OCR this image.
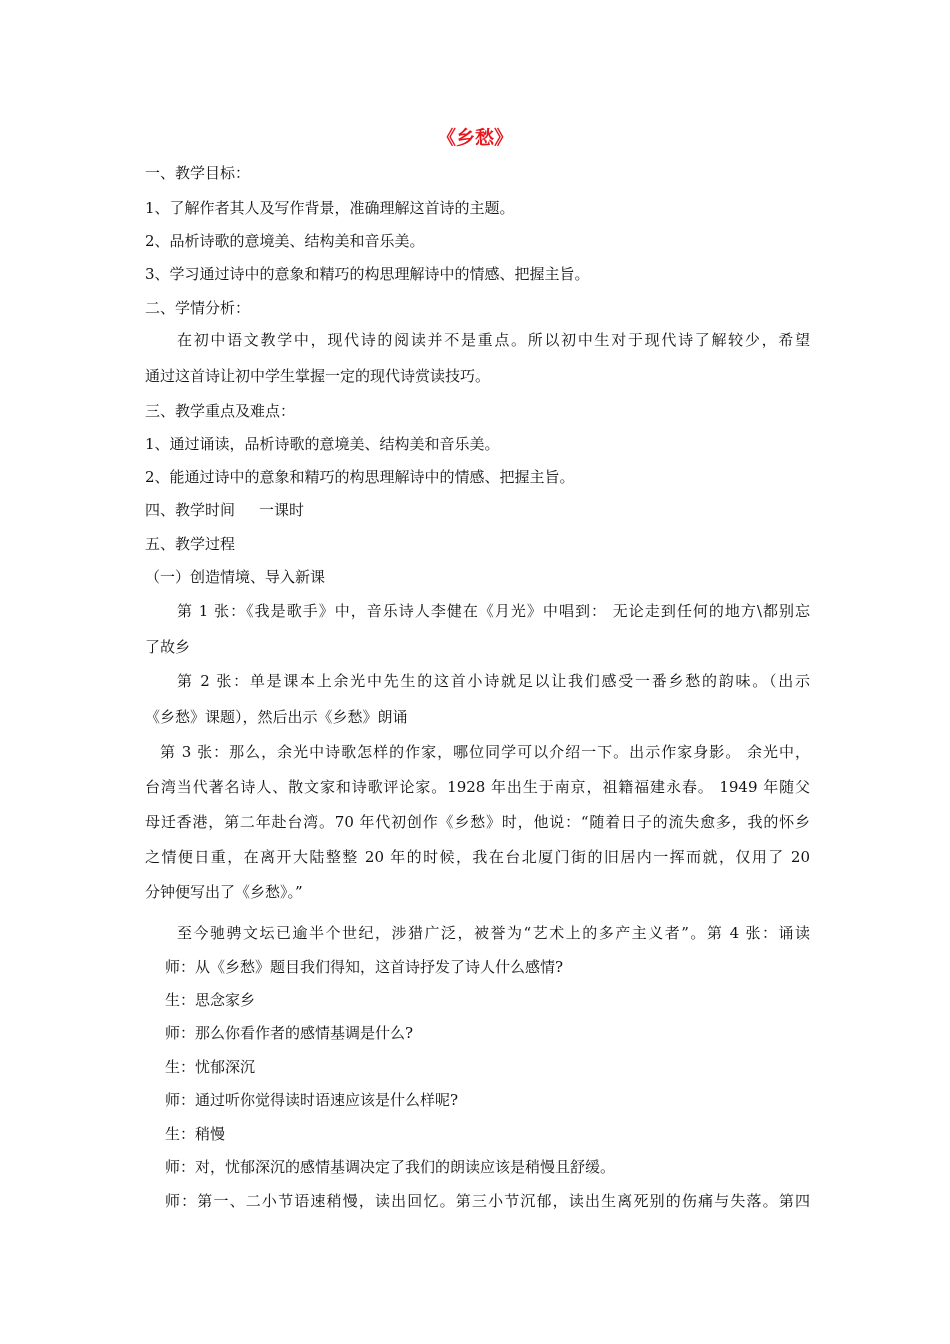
《乡愁》
一、教学目标：
1、了解作者其人及写作背景，准确理解这首诗的主题。
2、品析诗歌的意境美、结构美和音乐美。
3、学习通过诗中的意象和精巧的构思理解诗中的情感、把握主旨。
二、学情分析：
在初中语文教学中，现代诗的阅读并不是重点。所以初中生对于现代诗了解较少，希望
通过这首诗让初中学生掌握一定的现代诗赏读技巧。
三、教学重点及难点：
1、通过诵读，品析诗歌的意境美、结构美和音乐美。
2、能通过诗中的意象和精巧的构思理解诗中的情感、把握主旨。
四、教学时间 一课时
五、教学过程
（一）创造情境、导入新课
第 1 张：《我是歌手》中，音乐诗人李健在《月光》中唱到： 无论走到任何的地方\都别忘
了故乡
第 2 张：单是课本上余光中先生的这首小诗就足以让我们感受一番乡愁的韵味。（出示
《乡愁》课题），然后出示《乡愁》朗诵
第 3 张：那么，余光中诗歌怎样的作家，哪位同学可以介绍一下。出示作家身影。 余光中，
台湾当代著名诗人、散文家和诗歌评论家。1928 年出生于南京，祖籍福建永春。 1949 年随父
母迁香港，第二年赴台湾。70 年代初创作《乡愁》时，他说：“随着日子的流失愈多，我的怀乡
之情便日重，在离开大陆整整 20 年的时候，我在台北厦门街的旧居内一挥而就，仅用了 20
分钟便写出了《乡愁》。”
至今驰骋文坛已逾半个世纪，涉猎广泛，被誉为“艺术上的多产主义者”。第 4 张：诵读
师：从《乡愁》题目我们得知，这首诗抒发了诗人什么感情?
生：思念家乡
师：那么你看作者的感情基调是什么?
生：忧郁深沉
师：通过听你觉得读时语速应该是什么样呢?
生：稍慢
师：对，忧郁深沉的感情基调决定了我们的朗读应该是稍慢且舒缓。
师：第一、二小节语速稍慢，读出回忆。第三小节沉郁，读出生离死别的伤痛与失落。第四
